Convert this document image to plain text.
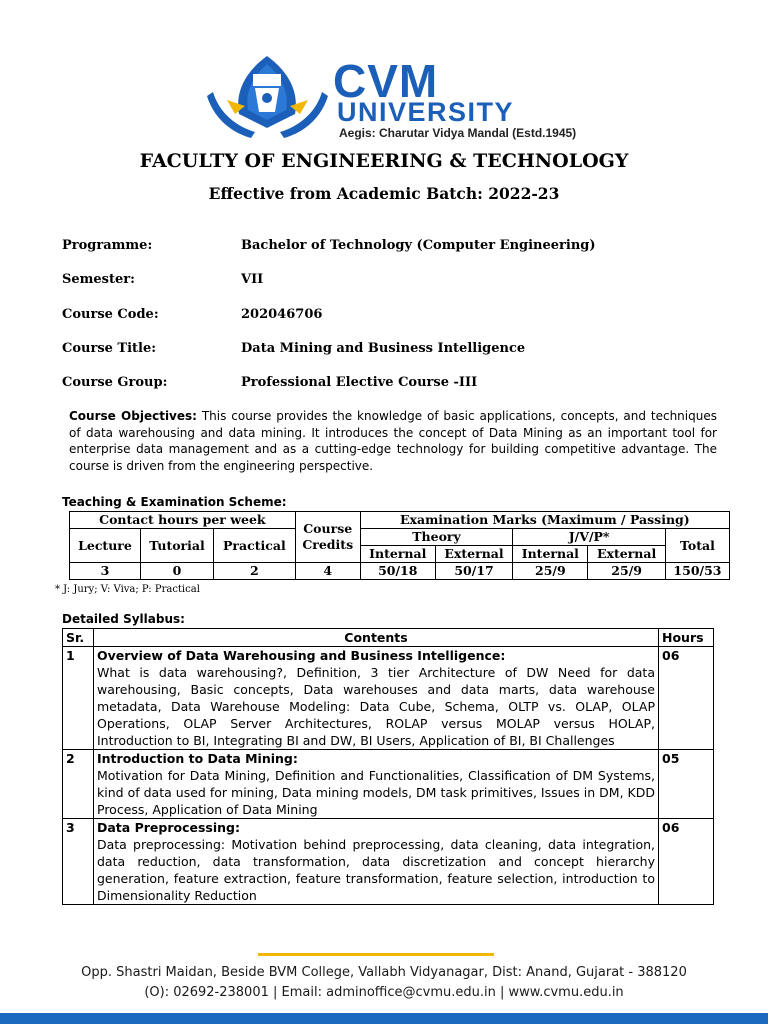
CVM
UNIVERSITY
Aegis: Charutar Vidya Mandal (Estd.1945)
FACULTY OF ENGINEERING & TECHNOLOGY
Effective from Academic Batch: 2022-23
Programme:	Bachelor of Technology (Computer Engineering)
Semester:	VII
Course Code:	202046706
Course Title:	Data Mining and Business Intelligence
Course Group:	Professional Elective Course -III
Course Objectives: This course provides the knowledge of basic applications, concepts, and techniques of data warehousing and data mining. It introduces the concept of Data Mining as an important tool for enterprise data management and as a cutting-edge technology for building competitive advantage. The course is driven from the engineering perspective.
Teaching & Examination Scheme:
Contact hours per week			Course Credits	Examination Marks (Maximum / Passing)				
Lecture	Tutorial	Practical		Theory		J/V/P*		Total
				Internal	External	Internal	External	
3	0	2	4	50/18	50/17	25/9	25/9	150/53
* J: Jury; V: Viva; P: Practical
Detailed Syllabus:
Sr.	Contents	Hours
1	Overview of Data Warehousing and Business Intelligence:
What is data warehousing?, Definition, 3 tier Architecture of DW Need for data warehousing, Basic concepts, Data warehouses and data marts, data warehouse metadata, Data Warehouse Modeling: Data Cube, Schema, OLTP vs. OLAP, OLAP Operations, OLAP Server Architectures, ROLAP versus MOLAP versus HOLAP, Introduction to BI, Integrating BI and DW, BI Users, Application of BI, BI Challenges	06
2	Introduction to Data Mining:
Motivation for Data Mining, Definition and Functionalities, Classification of DM Systems, kind of data used for mining, Data mining models, DM task primitives, Issues in DM, KDD Process, Application of Data Mining	05
3	Data Preprocessing:
Data preprocessing: Motivation behind preprocessing, data cleaning, data integration, data reduction, data transformation, data discretization and concept hierarchy generation, feature extraction, feature transformation, feature selection, introduction to Dimensionality Reduction	06
Opp. Shastri Maidan, Beside BVM College, Vallabh Vidyanagar, Dist: Anand, Gujarat - 388120
(O): 02692-238001 | Email: adminoffice@cvmu.edu.in | www.cvmu.edu.in
